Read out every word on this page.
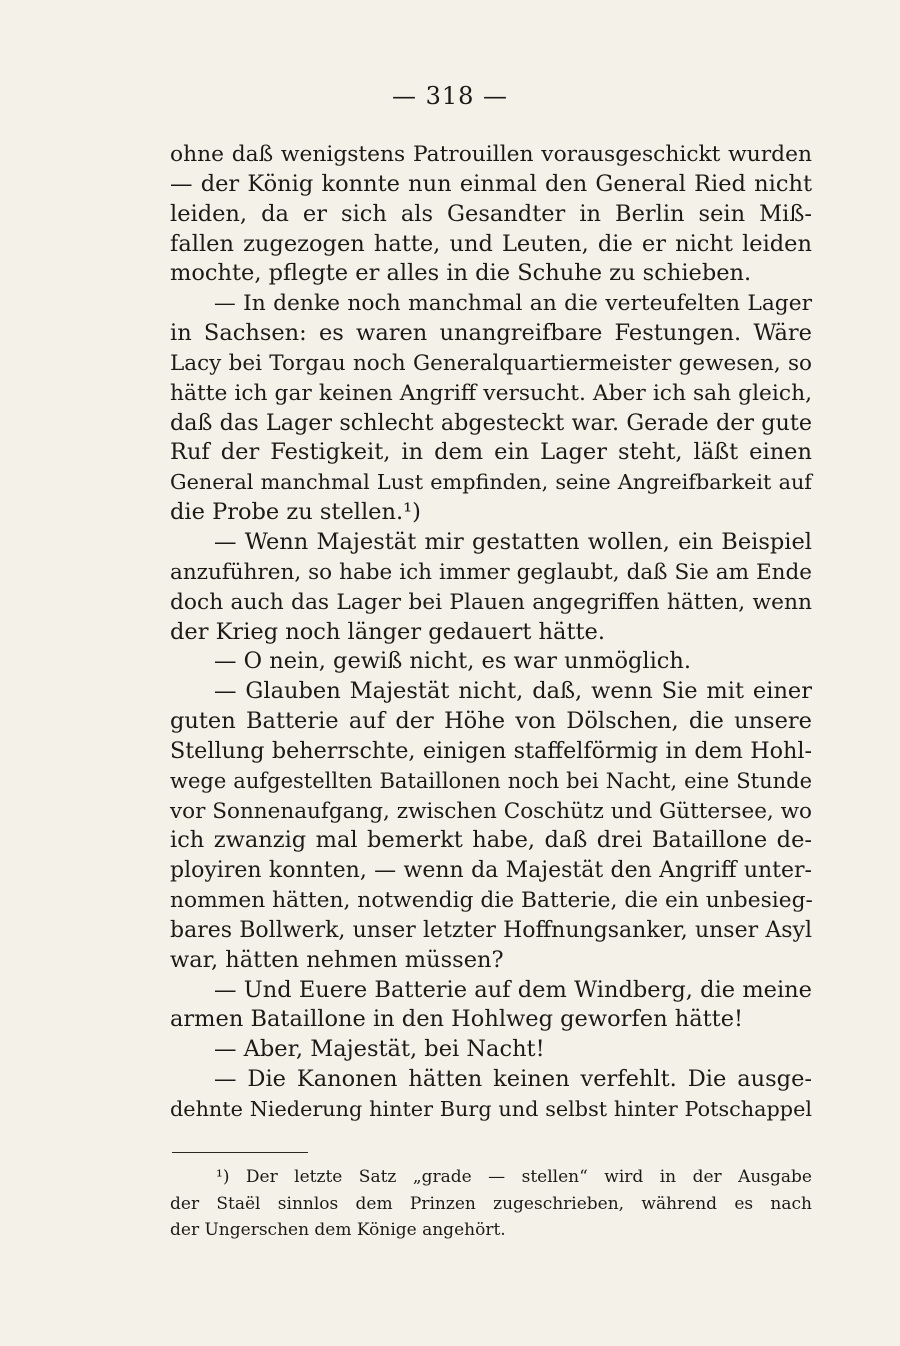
— 318 —
ohne daß wenigstens Patrouillen vorausgeschickt wurden
— der König konnte nun einmal den General Ried nicht
leiden, da er sich als Gesandter in Berlin sein Miß-
fallen zugezogen hatte, und Leuten, die er nicht leiden
mochte, pflegte er alles in die Schuhe zu schieben.
— In denke noch manchmal an die verteufelten Lager
in Sachsen: es waren unangreifbare Festungen. Wäre
Lacy bei Torgau noch Generalquartiermeister gewesen, so
hätte ich gar keinen Angriff versucht. Aber ich sah gleich,
daß das Lager schlecht abgesteckt war. Gerade der gute
Ruf der Festigkeit, in dem ein Lager steht, läßt einen
General manchmal Lust empfinden, seine Angreifbarkeit auf
die Probe zu stellen.¹)
— Wenn Majestät mir gestatten wollen, ein Beispiel
anzuführen, so habe ich immer geglaubt, daß Sie am Ende
doch auch das Lager bei Plauen angegriffen hätten, wenn
der Krieg noch länger gedauert hätte.
— O nein, gewiß nicht, es war unmöglich.
— Glauben Majestät nicht, daß, wenn Sie mit einer
guten Batterie auf der Höhe von Dölschen, die unsere
Stellung beherrschte, einigen staffelförmig in dem Hohl-
wege aufgestellten Bataillonen noch bei Nacht, eine Stunde
vor Sonnenaufgang, zwischen Coschütz und Güttersee, wo
ich zwanzig mal bemerkt habe, daß drei Bataillone de-
ployiren konnten, — wenn da Majestät den Angriff unter-
nommen hätten, notwendig die Batterie, die ein unbesieg-
bares Bollwerk, unser letzter Hoffnungsanker, unser Asyl
war, hätten nehmen müssen?
— Und Euere Batterie auf dem Windberg, die meine
armen Bataillone in den Hohlweg geworfen hätte!
— Aber, Majestät, bei Nacht!
— Die Kanonen hätten keinen verfehlt. Die ausge-
dehnte Niederung hinter Burg und selbst hinter Potschappel
¹) Der letzte Satz „grade — stellen“ wird in der Ausgabe
der Staël sinnlos dem Prinzen zugeschrieben, während es nach
der Ungerschen dem Könige angehört.
